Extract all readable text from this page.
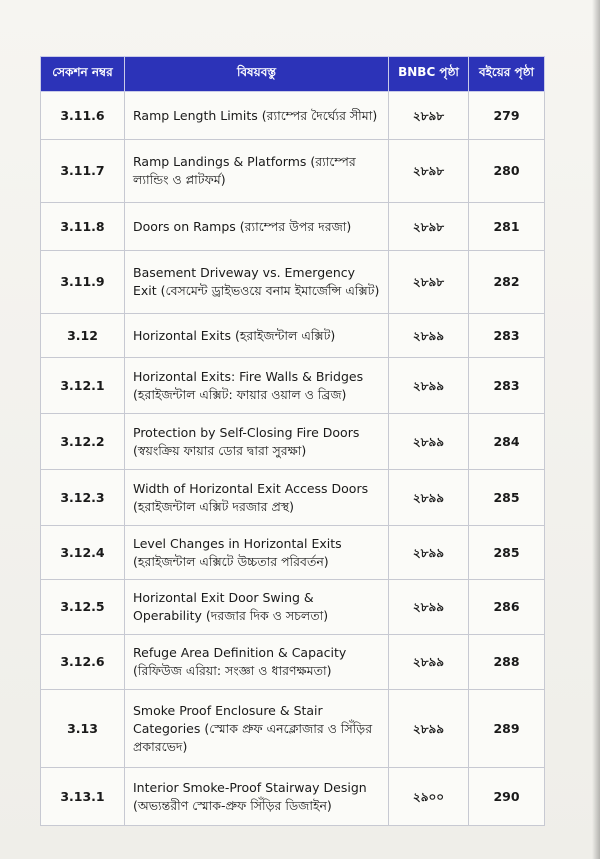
সেকশন নম্বর	বিষয়বস্তু	BNBC পৃষ্ঠা	বইয়ের পৃষ্ঠা
3.11.6	Ramp Length Limits (র‍্যাম্পের দৈর্ঘ্যের সীমা)	২৮৯৮	279
3.11.7	Ramp Landings & Platforms (র‍্যাম্পের ল্যান্ডিং ও প্লাটফর্ম)	২৮৯৮	280
3.11.8	Doors on Ramps (র‍্যাম্পের উপর দরজা)	২৮৯৮	281
3.11.9	Basement Driveway vs. Emergency Exit (বেসমেন্ট ড্রাইভওয়ে বনাম ইমার্জেন্সি এক্সিট)	২৮৯৮	282
3.12	Horizontal Exits (হরাইজন্টাল এক্সিট)	২৮৯৯	283
3.12.1	Horizontal Exits: Fire Walls & Bridges (হরাইজন্টাল এক্সিট: ফায়ার ওয়াল ও ব্রিজ)	২৮৯৯	283
3.12.2	Protection by Self-Closing Fire Doors (স্বয়ংক্রিয় ফায়ার ডোর দ্বারা সুরক্ষা)	২৮৯৯	284
3.12.3	Width of Horizontal Exit Access Doors (হরাইজন্টাল এক্সিট দরজার প্রস্থ)	২৮৯৯	285
3.12.4	Level Changes in Horizontal Exits (হরাইজন্টাল এক্সিটে উচ্চতার পরিবর্তন)	২৮৯৯	285
3.12.5	Horizontal Exit Door Swing & Operability (দরজার দিক ও সচলতা)	২৮৯৯	286
3.12.6	Refuge Area Definition & Capacity (রিফিউজ এরিয়া: সংজ্ঞা ও ধারণক্ষমতা)	২৮৯৯	288
3.13	Smoke Proof Enclosure & Stair Categories (স্মোক প্রুফ এনক্লোজার ও সিঁড়ির প্রকারভেদ)	২৮৯৯	289
3.13.1	Interior Smoke-Proof Stairway Design (অভ্যন্তরীণ স্মোক-প্রুফ সিঁড়ির ডিজাইন)	২৯০০	290
